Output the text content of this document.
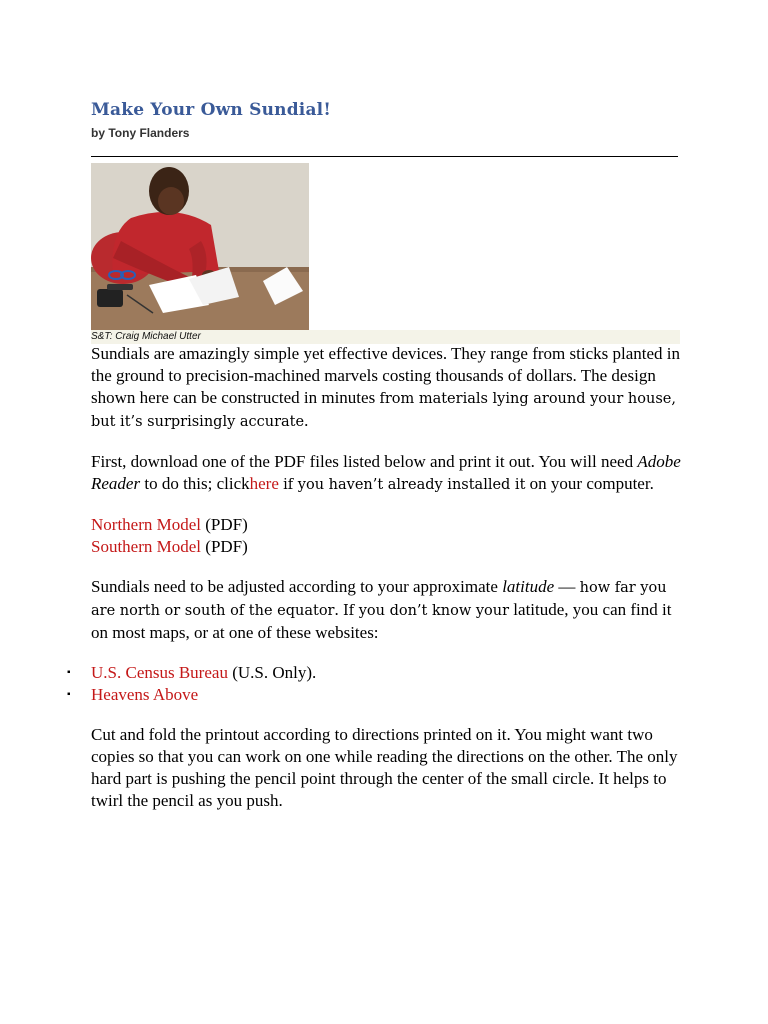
Make Your Own Sundial!
by Tony Flanders
S&T: Craig Michael Utter

Sundials are amazingly simple yet effective devices. They range from sticks planted in the ground to precision-machined marvels costing thousands of dollars. The design shown here can be constructed in minutes from materials lying around your house, but it’s surprisingly accurate.

First, download one of the PDF files listed below and print it out. You will need Adobe Reader to do this; clickhere if you haven’t already installed it on your computer.

Northern Model (PDF)

Southern Model (PDF)

Sundials need to be adjusted according to your approximate latitude — how far you are north or south of the equator. If you don’t know your latitude, you can find it on most maps, or at one of these websites:

▪ U.S. Census Bureau (U.S. Only).
▪ Heavens Above

Cut and fold the printout according to directions printed on it. You might want two copies so that you can work on one while reading the directions on the other. The only hard part is pushing the pencil point through the center of the small circle. It helps to twirl the pencil as you push.
